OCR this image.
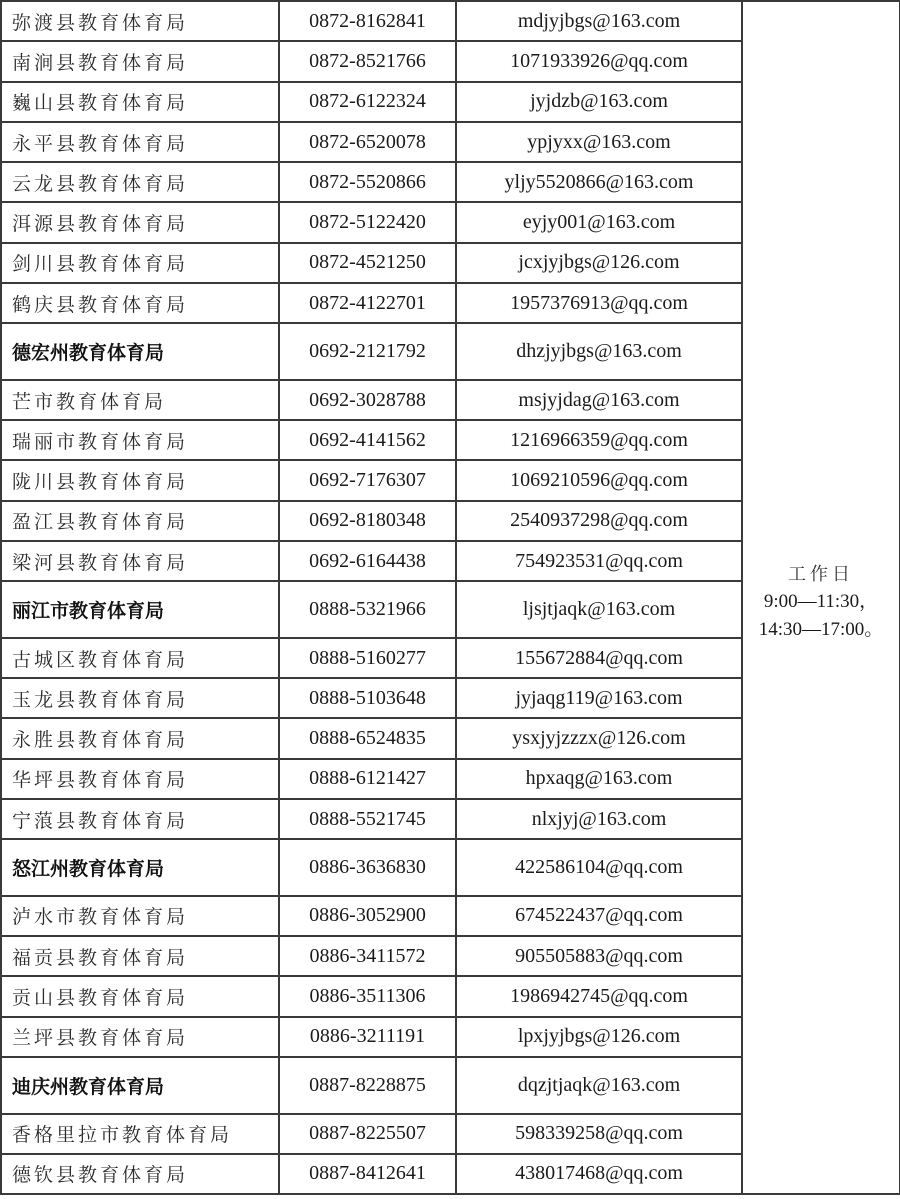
弥渡县教育体育局	0872-8162841	mdjyjbgs@163.com	工作日
9:00—11:30，
14:30—17:00。

南涧县教育体育局	0872-8521766	1071933926@qq.com	
巍山县教育体育局	0872-6122324	jyjdzb@163.com	
永平县教育体育局	0872-6520078	ypjyxx@163.com	
云龙县教育体育局	0872-5520866	yljy5520866@163.com	
洱源县教育体育局	0872-5122420	eyjy001@163.com	
剑川县教育体育局	0872-4521250	jcxjyjbgs@126.com	
鹤庆县教育体育局	0872-4122701	1957376913@qq.com	
德宏州教育体育局	0692-2121792	dhzjyjbgs@163.com	
芒市教育体育局	0692-3028788	msjyjdag@163.com	
瑞丽市教育体育局	0692-4141562	1216966359@qq.com	
陇川县教育体育局	0692-7176307	1069210596@qq.com	
盈江县教育体育局	0692-8180348	2540937298@qq.com	
梁河县教育体育局	0692-6164438	754923531@qq.com	
丽江市教育体育局	0888-5321966	ljsjtjaqk@163.com	
古城区教育体育局	0888-5160277	155672884@qq.com	
玉龙县教育体育局	0888-5103648	jyjaqg119@163.com	
永胜县教育体育局	0888-6524835	ysxjyjzzzx@126.com	
华坪县教育体育局	0888-6121427	hpxaqg@163.com	
宁蒗县教育体育局	0888-5521745	nlxjyj@163.com	
怒江州教育体育局	0886-3636830	422586104@qq.com	
泸水市教育体育局	0886-3052900	674522437@qq.com	
福贡县教育体育局	0886-3411572	905505883@qq.com	
贡山县教育体育局	0886-3511306	1986942745@qq.com	
兰坪县教育体育局	0886-3211191	lpxjyjbgs@126.com	
迪庆州教育体育局	0887-8228875	dqzjtjaqk@163.com	
香格里拉市教育体育局	0887-8225507	598339258@qq.com	
德钦县教育体育局	0887-8412641	438017468@qq.com	
